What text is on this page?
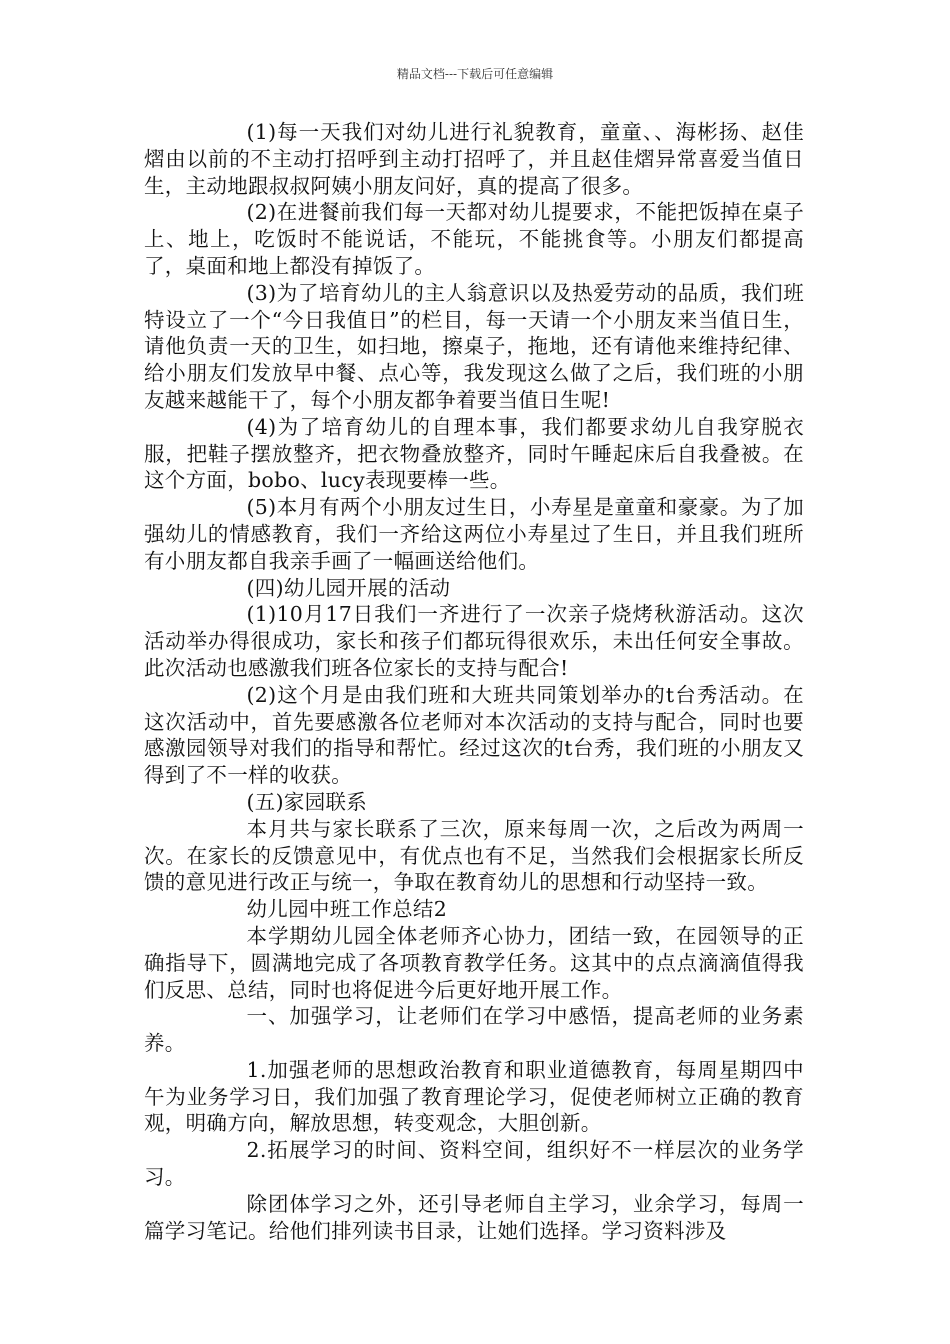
精品文档---下载后可任意编辑

(1)每一天我们对幼儿进行礼貌教育，童童、、海彬扬、赵佳熠由以前的不主动打招呼到主动打招呼了，并且赵佳熠异常喜爱当值日生，主动地跟叔叔阿姨小朋友问好，真的提高了很多。

(2)在进餐前我们每一天都对幼儿提要求，不能把饭掉在桌子上、地上，吃饭时不能说话，不能玩，不能挑食等。小朋友们都提高了，桌面和地上都没有掉饭了。

(3)为了培育幼儿的主人翁意识以及热爱劳动的品质，我们班特设立了一个“今日我值日”的栏目，每一天请一个小朋友来当值日生，请他负责一天的卫生，如扫地，擦桌子，拖地，还有请他来维持纪律、给小朋友们发放早中餐、点心等，我发现这么做了之后，我们班的小朋友越来越能干了，每个小朋友都争着要当值日生呢!

(4)为了培育幼儿的自理本事，我们都要求幼儿自我穿脱衣服，把鞋子摆放整齐，把衣物叠放整齐，同时午睡起床后自我叠被。在这个方面，bobo、lucy表现要棒一些。

(5)本月有两个小朋友过生日，小寿星是童童和豪豪。为了加强幼儿的情感教育，我们一齐给这两位小寿星过了生日，并且我们班所有小朋友都自我亲手画了一幅画送给他们。

(四)幼儿园开展的活动

(1)10月17日我们一齐进行了一次亲子烧烤秋游活动。这次活动举办得很成功，家长和孩子们都玩得很欢乐，未出任何安全事故。此次活动也感激我们班各位家长的支持与配合!

(2)这个月是由我们班和大班共同策划举办的t台秀活动。在这次活动中，首先要感激各位老师对本次活动的支持与配合，同时也要感激园领导对我们的指导和帮忙。经过这次的t台秀，我们班的小朋友又得到了不一样的收获。

(五)家园联系

本月共与家长联系了三次，原来每周一次，之后改为两周一次。在家长的反馈意见中，有优点也有不足，当然我们会根据家长所反馈的意见进行改正与统一，争取在教育幼儿的思想和行动坚持一致。

幼儿园中班工作总结2

本学期幼儿园全体老师齐心协力，团结一致，在园领导的正确指导下，圆满地完成了各项教育教学任务。这其中的点点滴滴值得我们反思、总结，同时也将促进今后更好地开展工作。

一、加强学习，让老师们在学习中感悟，提高老师的业务素养。

1.加强老师的思想政治教育和职业道德教育，每周星期四中午为业务学习日，我们加强了教育理论学习，促使老师树立正确的教育观，明确方向，解放思想，转变观念，大胆创新。

2.拓展学习的时间、资料空间，组织好不一样层次的业务学习。

除团体学习之外，还引导老师自主学习，业余学习，每周一篇学习笔记。给他们排列读书目录，让她们选择。学习资料涉及
